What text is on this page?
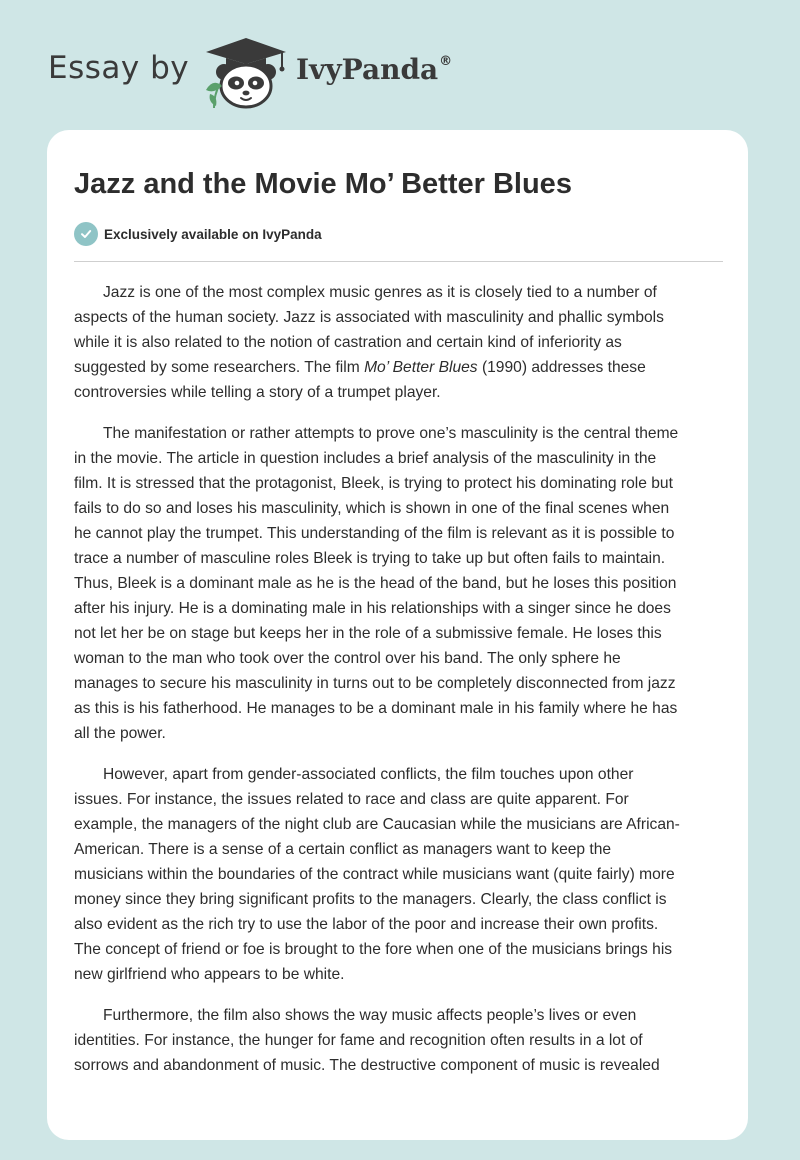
Essay by	IvyPanda®
Jazz and the Movie Mo’ Better Blues
Exclusively available on IvyPanda

Jazz is one of the most complex music genres as it is closely tied to a number of
aspects of the human society. Jazz is associated with masculinity and phallic symbols
while it is also related to the notion of castration and certain kind of inferiority as
suggested by some researchers. The film Mo’ Better Blues (1990) addresses these
controversies while telling a story of a trumpet player.

The manifestation or rather attempts to prove one’s masculinity is the central theme
in the movie. The article in question includes a brief analysis of the masculinity in the
film. It is stressed that the protagonist, Bleek, is trying to protect his dominating role but
fails to do so and loses his masculinity, which is shown in one of the final scenes when
he cannot play the trumpet. This understanding of the film is relevant as it is possible to
trace a number of masculine roles Bleek is trying to take up but often fails to maintain.
Thus, Bleek is a dominant male as he is the head of the band, but he loses this position
after his injury. He is a dominating male in his relationships with a singer since he does
not let her be on stage but keeps her in the role of a submissive female. He loses this
woman to the man who took over the control over his band. The only sphere he
manages to secure his masculinity in turns out to be completely disconnected from jazz
as this is his fatherhood. He manages to be a dominant male in his family where he has
all the power.

However, apart from gender-associated conflicts, the film touches upon other
issues. For instance, the issues related to race and class are quite apparent. For
example, the managers of the night club are Caucasian while the musicians are African-
American. There is a sense of a certain conflict as managers want to keep the
musicians within the boundaries of the contract while musicians want (quite fairly) more
money since they bring significant profits to the managers. Clearly, the class conflict is
also evident as the rich try to use the labor of the poor and increase their own profits.
The concept of friend or foe is brought to the fore when one of the musicians brings his
new girlfriend who appears to be white.

Furthermore, the film also shows the way music affects people’s lives or even
identities. For instance, the hunger for fame and recognition often results in a lot of
sorrows and abandonment of music. The destructive component of music is revealed
